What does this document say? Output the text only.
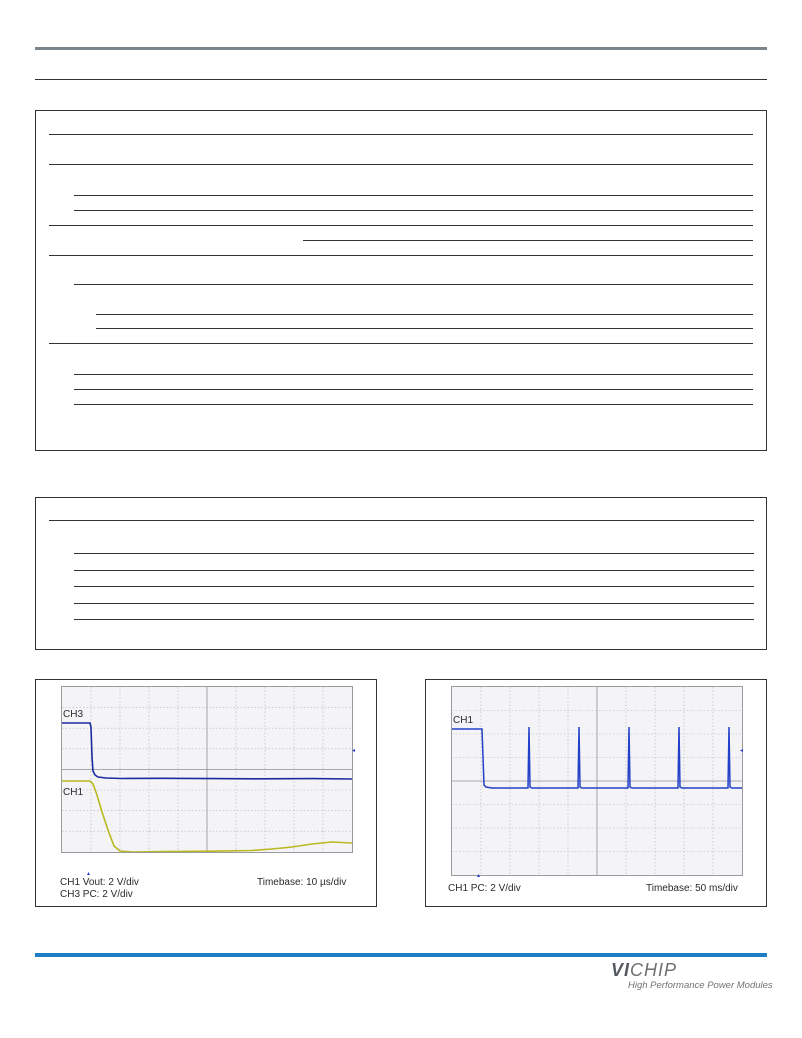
◂
▴
CH3
CH1
CH1 Vout: 2 V/div
CH3 PC: 2 V/div
Timebase: 10 µs/div
◂
▴
CH1
CH1 PC: 2 V/div	Timebase: 50 ms/div
VICHIP
High Performance Power Modules
